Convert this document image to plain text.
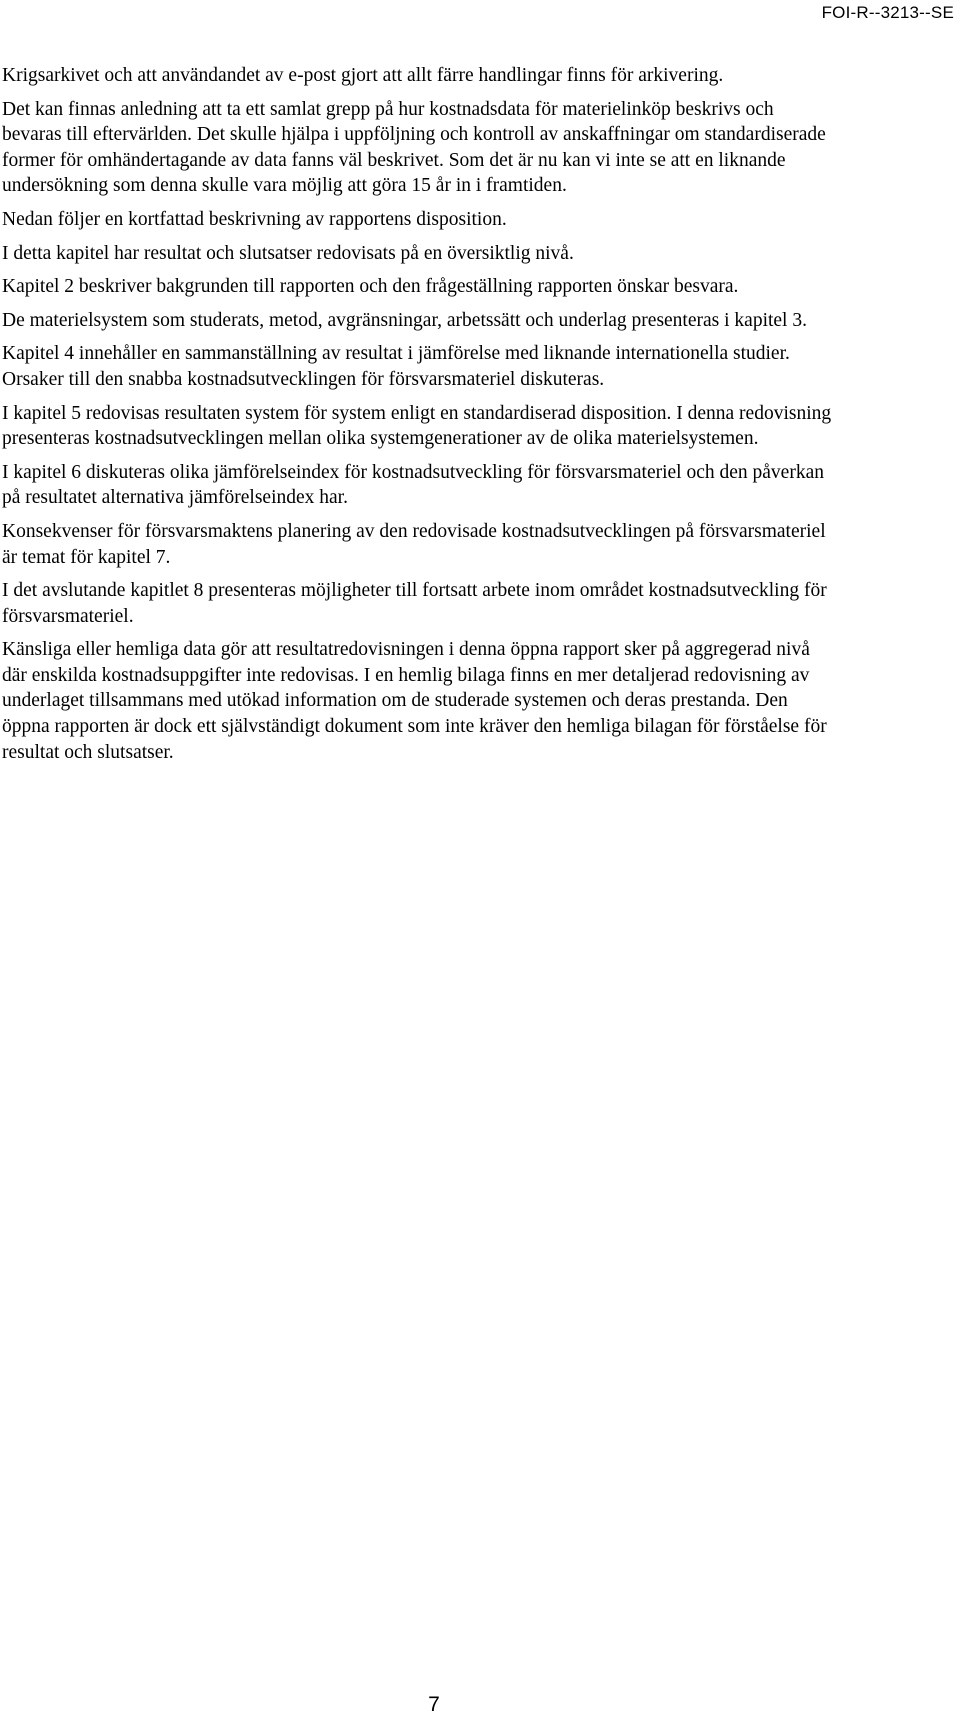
FOI-R--3213--SE

Krigsarkivet och att användandet av e-post gjort att allt färre handlingar finns för arkivering.

Det kan finnas anledning att ta ett samlat grepp på hur kostnadsdata för materielinköp beskrivs och bevaras till eftervärlden. Det skulle hjälpa i uppföljning och kontroll av anskaffningar om standardiserade former för omhändertagande av data fanns väl beskrivet. Som det är nu kan vi inte se att en liknande undersökning som denna skulle vara möjlig att göra 15 år in i framtiden.

Nedan följer en kortfattad beskrivning av rapportens disposition.

I detta kapitel har resultat och slutsatser redovisats på en översiktlig nivå.

Kapitel 2 beskriver bakgrunden till rapporten och den frågeställning rapporten önskar besvara.

De materielsystem som studerats, metod, avgränsningar, arbetssätt och underlag presenteras i kapitel 3.

Kapitel 4 innehåller en sammanställning av resultat i jämförelse med liknande internationella studier. Orsaker till den snabba kostnadsutvecklingen för försvarsmateriel diskuteras.

I kapitel 5 redovisas resultaten system för system enligt en standardiserad disposition. I denna redovisning presenteras kostnadsutvecklingen mellan olika systemgenerationer av de olika materielsystemen.

I kapitel 6 diskuteras olika jämförelseindex för kostnadsutveckling för försvarsmateriel och den påverkan på resultatet alternativa jämförelseindex har.

Konsekvenser för försvarsmaktens planering av den redovisade kostnadsutvecklingen på försvarsmateriel är temat för kapitel 7.

I det avslutande kapitlet 8 presenteras möjligheter till fortsatt arbete inom området kostnadsutveckling för försvarsmateriel.

Känsliga eller hemliga data gör att resultatredovisningen i denna öppna rapport sker på aggregerad nivå där enskilda kostnadsuppgifter inte redovisas. I en hemlig bilaga finns en mer detaljerad redovisning av underlaget tillsammans med utökad information om de studerade systemen och deras prestanda. Den öppna rapporten är dock ett självständigt dokument som inte kräver den hemliga bilagan för förståelse för resultat och slutsatser.

7
